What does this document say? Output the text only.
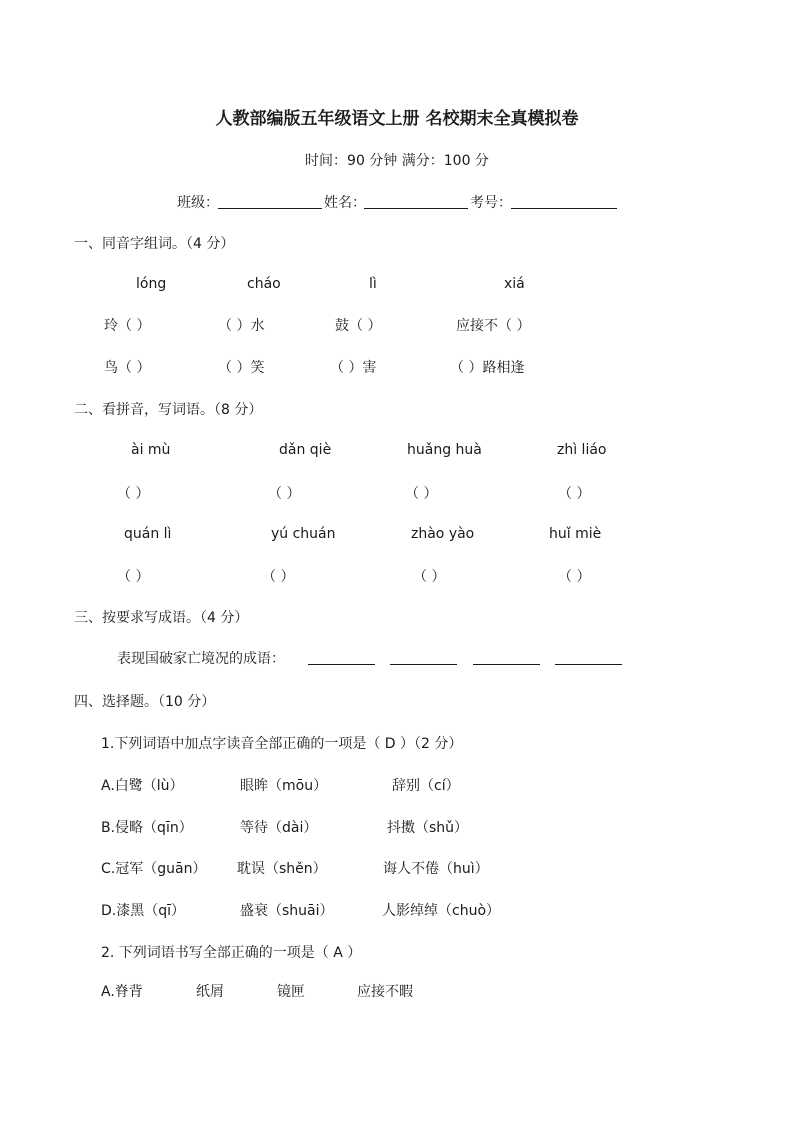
人教部编版五年级语文上册 名校期末全真模拟卷
时间：90 分钟 满分：100 分
班级：	姓名：	考号：
一、同音字组词。（4 分）
lóng	cháo	lì	xiá
玲（ ）	（ ）水	鼓（ ）	应接不（ ）
鸟（ ）	（ ）笑	（ ）害	（ ）路相逢
二、看拼音，写词语。（8 分）
ài mù	dǎn qiè	huǎng huà	zhì liáo
（ ）	（ ）	（ ）	（ ）
quán lì	yú chuán	zhào yào	huǐ miè
（ ）	（ ）	（ ）	（ ）
三、按要求写成语。（4 分）
表现国破家亡境况的成语：
四、选择题。（10 分）
1.下列词语中加点字读音全部正确的一项是（ D ）（2 分）
A.白鹭（lù）	眼眸（mōu）	辞别（cí）
B.侵略（qīn）	等待（dài）	抖擞（shǔ）
C.冠军（guān） 耽误（shěn）	诲人不倦（huì）
D.漆黑（qī）	盛衰（shuāi）	人影绰绰（chuò）
2. 下列词语书写全部正确的一项是（ A ）
A.脊背	纸屑	镜匣	应接不暇
